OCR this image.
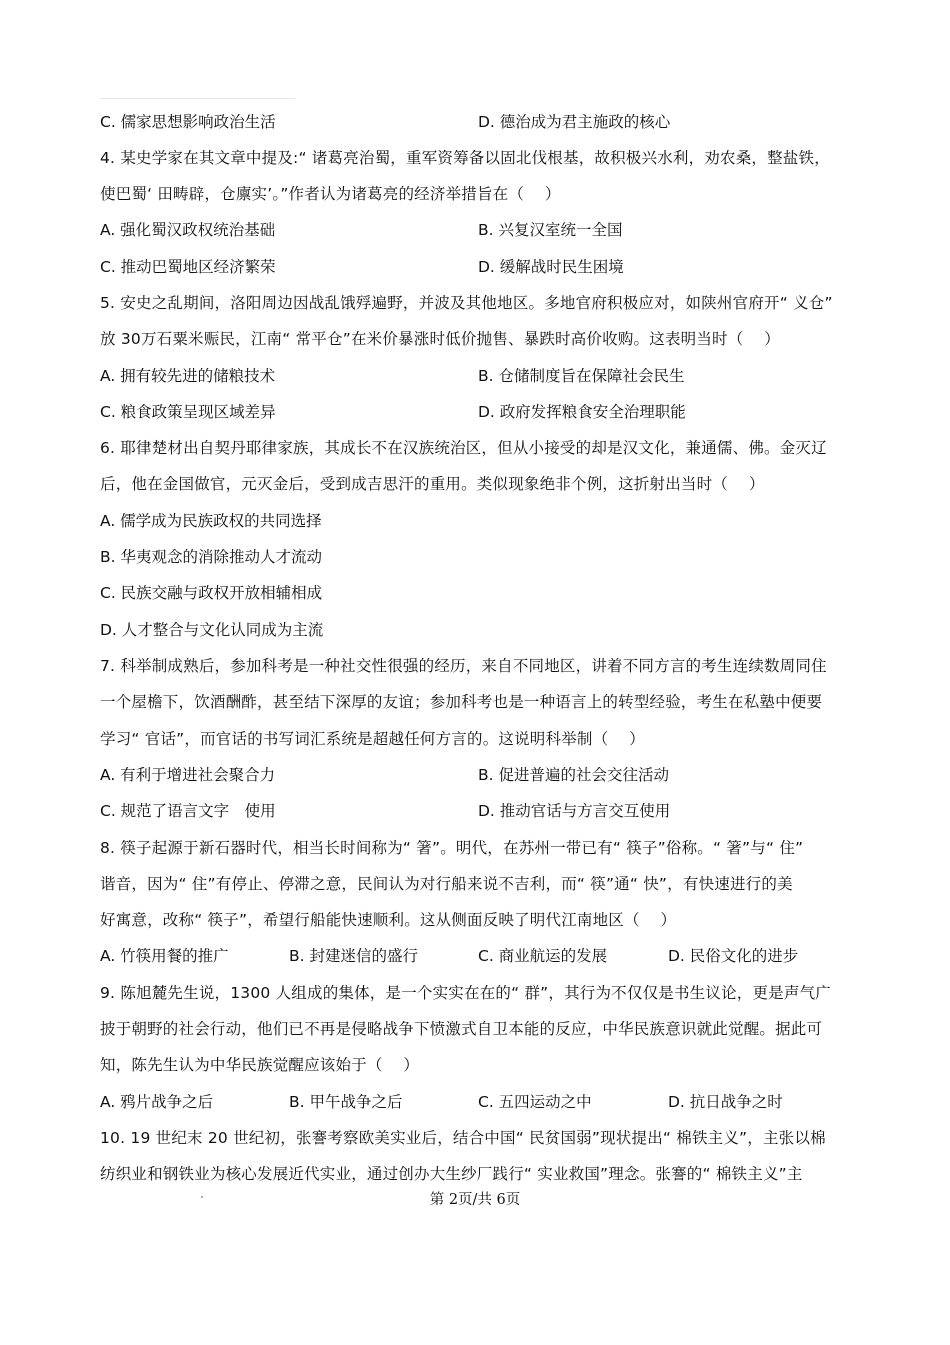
C. 儒家思想影响政治生活	D. 德治成为君主施政的核心
4. 某史学家在其文章中提及:“ 诸葛亮治蜀，重军资筹备以固北伐根基，故积极兴水利，劝农桑，整盐铁，
使巴蜀‘ 田畴辟，仓廪实’。”作者认为诸葛亮的经济举措旨在（　 ）
A. 强化蜀汉政权统治基础	B. 兴复汉室统一全国
C. 推动巴蜀地区经济繁荣	D. 缓解战时民生困境
5. 安史之乱期间，洛阳周边因战乱饿殍遍野，并波及其他地区。多地官府积极应对，如陕州官府开“ 义仓”
放 30万石粟米赈民，江南“ 常平仓”在米价暴涨时低价抛售、暴跌时高价收购。这表明当时（　 ）
A. 拥有较先进的储粮技术	B. 仓储制度旨在保障社会民生
C. 粮食政策呈现区域差异	D. 政府发挥粮食安全治理职能
6. 耶律楚材出自契丹耶律家族，其成长不在汉族统治区，但从小接受的却是汉文化，兼通儒、佛。金灭辽
后，他在金国做官，元灭金后，受到成吉思汗的重用。类似现象绝非个例，这折射出当时（　 ）
A. 儒学成为民族政权的共同选择
B. 华夷观念的消除推动人才流动
C. 民族交融与政权开放相辅相成
D. 人才整合与文化认同成为主流
7. 科举制成熟后，参加科考是一种社交性很强的经历，来自不同地区，讲着不同方言的考生连续数周同住
一个屋檐下，饮酒酬酢，甚至结下深厚的友谊；参加科考也是一种语言上的转型经验，考生在私塾中便要
学习“ 官话”，而官话的书写词汇系统是超越任何方言的。这说明科举制（　 ）
A. 有利于增进社会聚合力	B. 促进普遍的社会交往活动
C. 规范了语言文字　使用	D. 推动官话与方言交互使用
8. 筷子起源于新石器时代，相当长时间称为“ 箸”。明代，在苏州一带已有“ 筷子”俗称。“ 箸”与“ 住”
谐音，因为“ 住”有停止、停滞之意，民间认为对行船来说不吉利，而“ 筷”通“ 快”，有快速进行的美
好寓意，改称“ 筷子”，希望行船能快速顺利。这从侧面反映了明代江南地区（　 ）
A. 竹筷用餐的推广	B. 封建迷信的盛行	C. 商业航运的发展	D. 民俗文化的进步
9. 陈旭麓先生说，1300 人组成的集体，是一个实实在在的“ 群”，其行为不仅仅是书生议论，更是声气广
披于朝野的社会行动，他们已不再是侵略战争下愤激式自卫本能的反应，中华民族意识就此觉醒。据此可
知，陈先生认为中华民族觉醒应该始于（　 ）
A. 鸦片战争之后	B. 甲午战争之后	C. 五四运动之中	D. 抗日战争之时
10. 19 世纪末 20 世纪初，张謇考察欧美实业后，结合中国“ 民贫国弱”现状提出“ 棉铁主义”，主张以棉
纺织业和钢铁业为核心发展近代实业，通过创办大生纱厂践行“ 实业救国”理念。张謇的“ 棉铁主义”主
第 2页/共 6页
